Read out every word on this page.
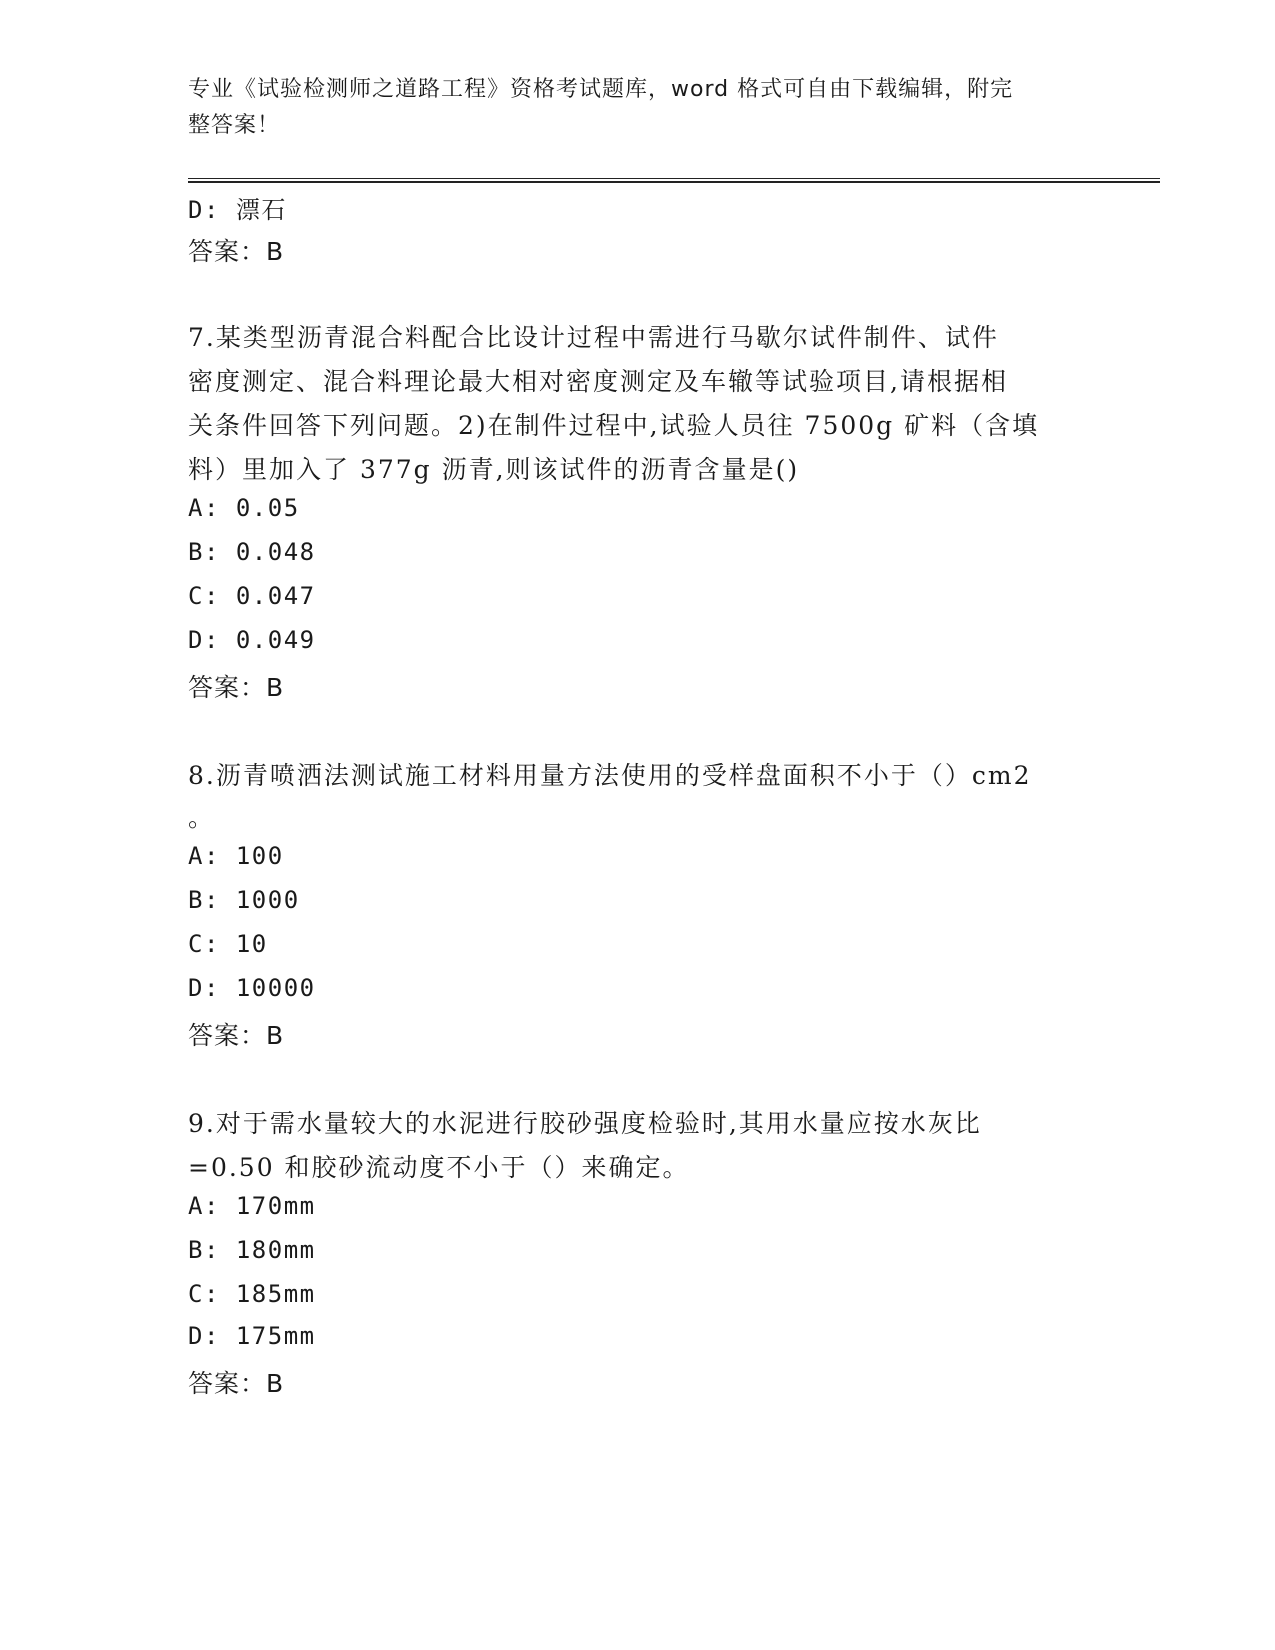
专业《试验检测师之道路工程》资格考试题库，word 格式可自由下载编辑，附完
整答案！
D: 漂石
答案：B
7.某类型沥青混合料配合比设计过程中需进行马歇尔试件制件、试件
密度测定、混合料理论最大相对密度测定及车辙等试验项目,请根据相
关条件回答下列问题。2)在制件过程中,试验人员往 7500g 矿料（含填
料）里加入了 377g 沥青,则该试件的沥青含量是()
A: 0.05
B: 0.048
C: 0.047
D: 0.049
答案：B
8.沥青喷洒法测试施工材料用量方法使用的受样盘面积不小于（）cm2
。
A: 100
B: 1000
C: 10
D: 10000
答案：B
9.对于需水量较大的水泥进行胶砂强度检验时,其用水量应按水灰比
=0.50 和胶砂流动度不小于（）来确定。
A: 170mm
B: 180mm
C: 185mm
D: 175mm
答案：B
